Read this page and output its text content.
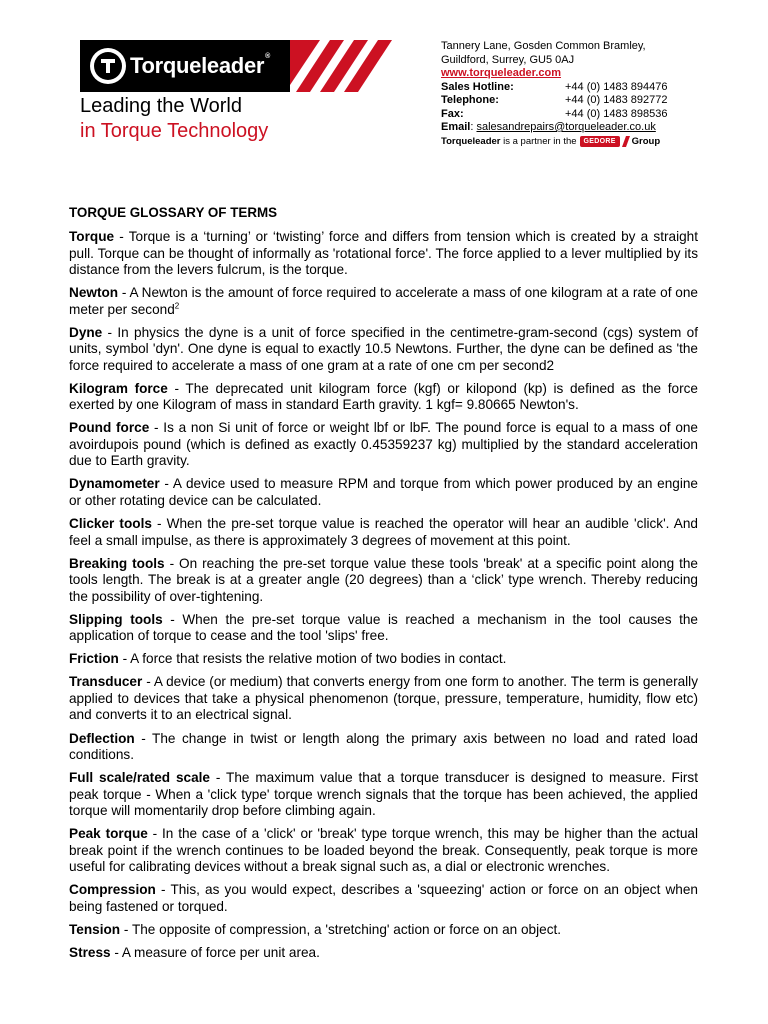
Torqueleader®
Leading the World
in Torque Technology
Tannery Lane, Gosden Common Bramley,
Guildford, Surrey, GU5 0AJ
www.torqueleader.com
Sales Hotline:	+44 (0) 1483 894476
Telephone:	+44 (0) 1483 892772
Fax:	+44 (0) 1483 898536
Email: salesandrepairs@torqueleader.co.uk
Torqueleader
is a partner in the	GEDORE	Group
TORQUE GLOSSARY OF TERMS

Torque - Torque is a ‘turning’ or ‘twisting’ force and differs from tension which is created by a straight pull. Torque can be thought of informally as 'rotational force'. The force applied to a lever multiplied by its distance from the levers fulcrum, is the torque.

Newton - A Newton is the amount of force required to accelerate a mass of one kilogram at a rate of one meter per second$^2$

Dyne - In physics the dyne is a unit of force specified in the centimetre-gram-second (cgs) system of units, symbol 'dyn'. One dyne is equal to exactly 10.5 Newtons. Further, the dyne can be defined as 'the force required to accelerate a mass of one gram at a rate of one cm per second2

Kilogram force - The deprecated unit kilogram force (kgf) or kilopond (kp) is defined as the force exerted by one Kilogram of mass in standard Earth gravity. 1 kgf= 9.80665 Newton's.

Pound force - Is a non Si unit of force or weight lbf or lbF. The pound force is equal to a mass of one avoirdupois pound (which is defined as exactly 0.45359237 kg) multiplied by the standard acceleration due to Earth gravity.

Dynamometer - A device used to measure RPM and torque from which power produced by an engine or other rotating device can be calculated.

Clicker tools - When the pre-set torque value is reached the operator will hear an audible 'click'. And feel a small impulse, as there is approximately 3 degrees of movement at this point.

Breaking tools - On reaching the pre-set torque value these tools 'break' at a specific point along the tools length. The break is at a greater angle (20 degrees) than a ‘click’ type wrench. Thereby reducing the possibility of over-tightening.

Slipping tools - When the pre-set torque value is reached a mechanism in the tool causes the application of torque to cease and the tool 'slips' free.

Friction - A force that resists the relative motion of two bodies in contact.

Transducer - A device (or medium) that converts energy from one form to another. The term is generally applied to devices that take a physical phenomenon (torque, pressure, temperature, humidity, flow etc) and converts it to an electrical signal.

Deflection - The change in twist or length along the primary axis between no load and rated load conditions.

Full scale/rated scale - The maximum value that a torque transducer is designed to measure. First peak torque - When a 'click type' torque wrench signals that the torque has been achieved, the applied torque will momentarily drop before climbing again.

Peak torque - In the case of a 'click' or 'break' type torque wrench, this may be higher than the actual break point if the wrench continues to be loaded beyond the break. Consequently, peak torque is more useful for calibrating devices without a break signal such as, a dial or electronic wrenches.

Compression - This, as you would expect, describes a 'squeezing' action or force on an object when being fastened or torqued.

Tension - The opposite of compression, a 'stretching' action or force on an object.

Stress - A measure of force per unit area.
